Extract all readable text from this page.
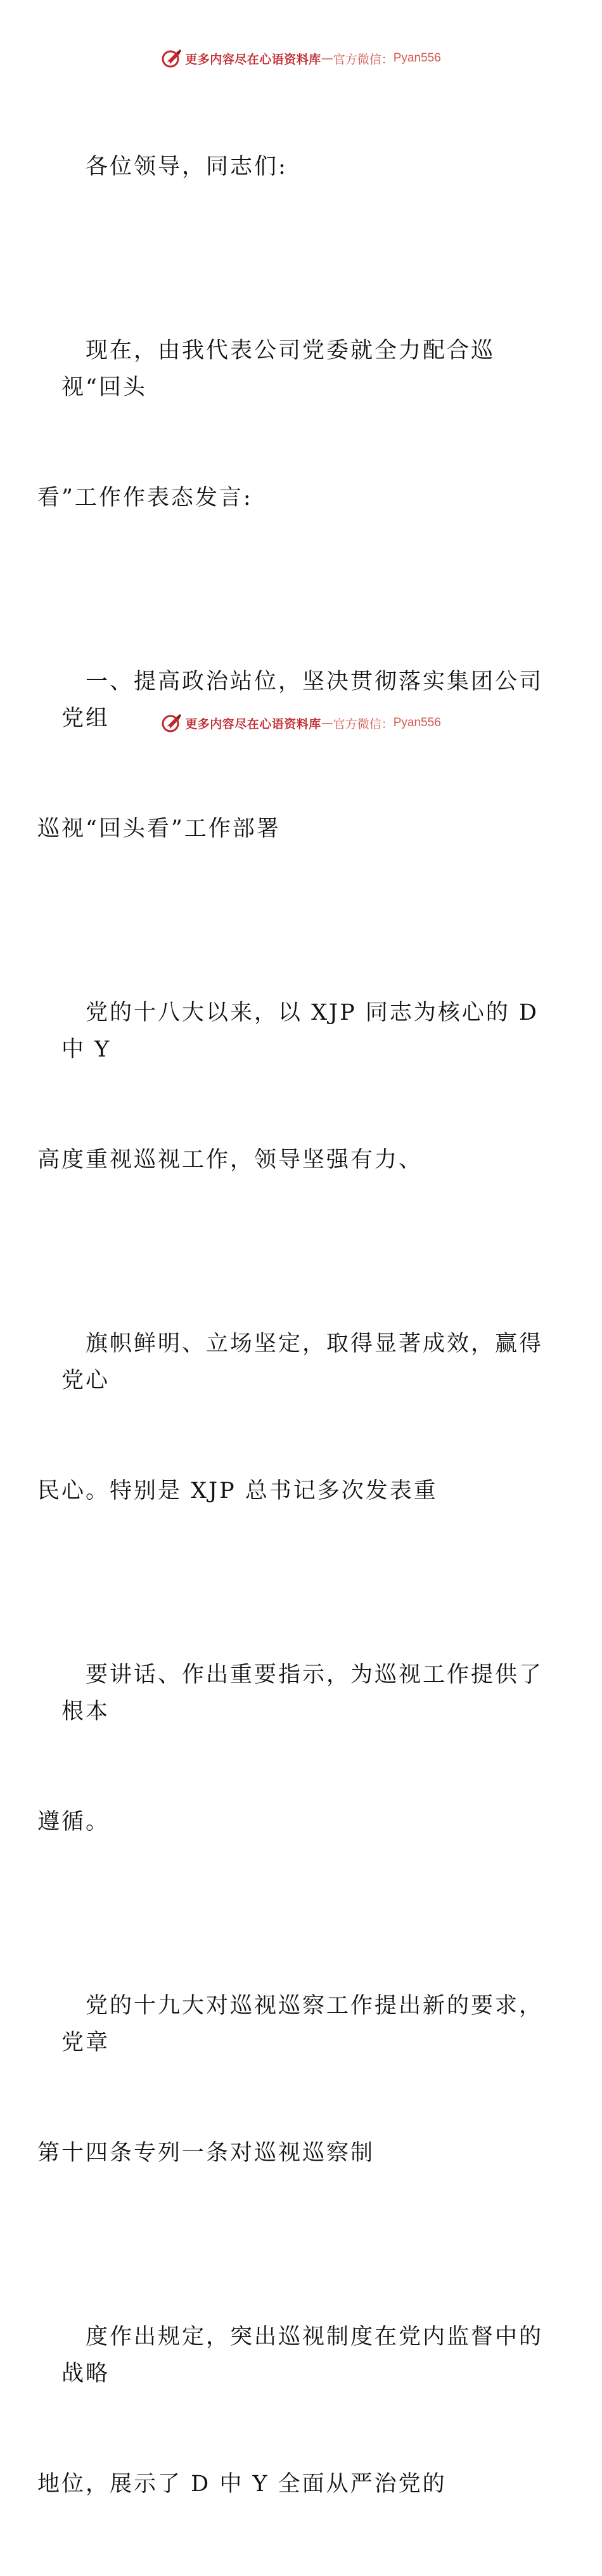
更多内容尽在心语资料库 — 官方微信： Pyan556

各位领导，同志们:

现在，由我代表公司党委就全力配合巡视“回头

看”工作作表态发言:

一、提高政治站位，坚决贯彻落实集团公司党组

巡视“回头看”工作部署

党的十八大以来，以 XJP 同志为核心的 D 中 Y

高度重视巡视工作，领导坚强有力、

旗帜鲜明、立场坚定，取得显著成效，赢得党心

民心。特别是 XJP 总书记多次发表重

要讲话、作出重要指示，为巡视工作提供了根本

遵循。

党的十九大对巡视巡察工作提出新的要求，党章

第十四条专列一条对巡视巡察制

度作出规定，突出巡视制度在党内监督中的战略

地位，展示了 D 中 Y 全面从严治党的

更多内容尽在心语资料库 — 官方微信： Pyan556
